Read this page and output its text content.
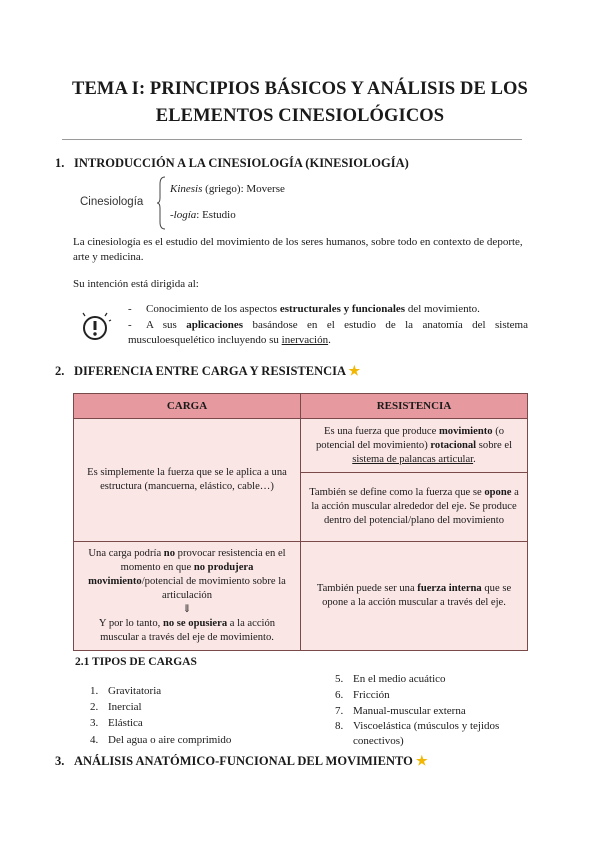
TEMA I: PRINCIPIOS BÁSICOS Y ANÁLISIS DE LOS
ELEMENTOS CINESIOLÓGICOS
1. INTRODUCCIÓN A LA CINESIOLOGÍA (KINESIOLOGÍA)
Cinesiología
Kinesis (griego): Moverse
-logía: Estudio
La cinesiología es el estudio del movimiento de los seres humanos, sobre todo en contexto de deporte, arte y medicina.
Su intención está dirigida al:
-	Conocimiento de los aspectos estructurales y funcionales del movimiento.
- A sus aplicaciones basándose en el estudio de la anatomía del sistema musculoesquelético incluyendo su inervación.
2. DIFERENCIA ENTRE CARGA Y RESISTENCIA ★
CARGA	RESISTENCIA
Es simplemente la fuerza que se le aplica a una estructura (mancuerna, elástico, cable…)	Es una fuerza que produce movimiento (o potencial del movimiento) rotacional sobre el sistema de palancas articular.
	También se define como la fuerza que se opone a la acción muscular alrededor del eje. Se produce dentro del potencial/plano del movimiento
Una carga podría no provocar resistencia en el momento en que no produjera movimiento/potencial de movimiento sobre la articulación
⇓
Y por lo tanto, no se opusiera a la acción muscular a través del eje de movimiento.	También puede ser una fuerza interna que se opone a la acción muscular a través del eje.
2.1 TIPOS DE CARGAS
1. Gravitatoria
2. Inercial
3. Elástica
4. Del agua o aire comprimido
5. En el medio acuático
6. Fricción
7. Manual-muscular externa
8. Viscoelástica (músculos y tejidos conectivos)
3. ANÁLISIS ANATÓMICO-FUNCIONAL DEL MOVIMIENTO ★
